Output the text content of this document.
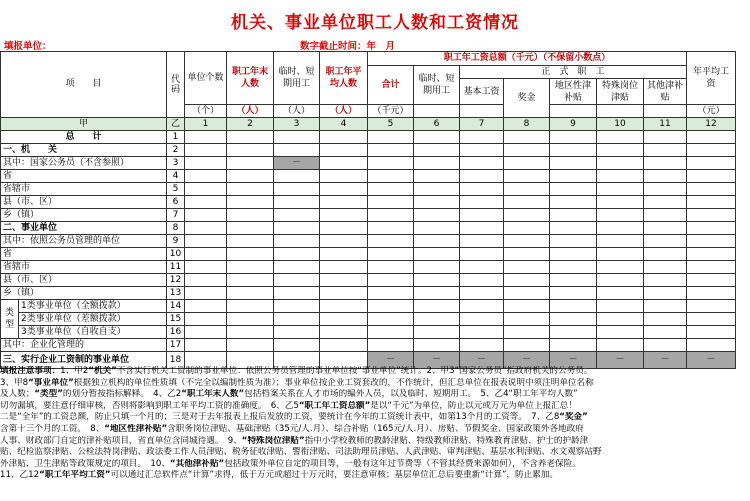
机关、事业单位职工人数和工资情况
填报单位：	数字截止时间：年　月
项　　目		代码	单位个数	职工年末人数	临时、短期用工	职工年平均人数	职工年工资总额（千元）（不保留小数点）							年平均工资
							合计	临时、短期用工	正　式　职　工					
									基本工资	奖金	地区性津补贴	特殊岗位津贴	其他津补贴	
			（个）	（人）	（人）	（人）	（千元）							（元）
甲		乙	1	2	3	4	5	6	7	8	9	10	11	12
总　　计		1												
一、机　　关		2												
其中：国家公务员（不含参照）		3			－									
省		4												
省辖市		5												
县（市、区）		6												
乡（镇）		7												
二、事业单位		8												
其中：依照公务员管理的单位		9												
省		10												
省辖市		11												
县（市、区）		12												
乡（镇）		13												
类型	1类事业单位（全额拨款）	14												
	2类事业单位（差额拨款）	15												
	3类事业单位（自收自支）	16												
其中：企业化管理的		17												
三、实行企业工资制的事业单位		18					－	－	－	－	－	－	－	－

填报注意事项：1、甲2“机关”不含实行机关工资制的事业单位：依照公务员管理的事业单位按“事业单位”统计。2、甲3“国家公务员”指政府机关的公务员。

3、甲8“事业单位”根据独立机构的单位性质填（不完全以编制性质为准）；事业单位按企业工资套改的，不作统计，但汇总单位在报表说明中须注明单位名称

及人数；“类型”的划分暂按指标解释。　4、乙2“职工年末人数”包括档案关系在人才市场的编外人员，以及临时、短期用工。　5、乙4“职工年平均人数”

切勿漏填，要注意仔细审核，否则将影响到职工年平均工资的准确度。　6、乙5“职工年工资总额”是以“千元”为单位，防止以元或万元为单位上报汇总！

二是“全年”的工资总额，防止只填一个月的；三是对于去年报表上报后发放的工资，要统计在今年的工资统计表中，如第13个月的工资等。　7、乙8“奖金”

含第十三个月的工资。　8、“地区性津补贴”含职务岗位津贴、基础津贴（35元/人.月）、综合补贴（165元/人.月）、房贴、节假奖金、国家政策外各地政府

人事、财政部门自定的津补贴项目，省直单位含同城待遇。　9、“特殊岗位津贴”指中小学校教师的教龄津贴、特级教师津贴、特殊教育津贴、护士的护龄津

贴、纪检监察津贴、公检法特岗津贴、政法委工作人员津贴、税务征收津贴、警衔津贴、司法助理员津贴、人武津贴、审判津贴、基层水利津贴、水文观察站野

外津贴、卫生津贴等政策规定的项目。　10、“其他津补贴”包括政策外单位自定的项目等，一般有这年过节费等（不管其经费来源如何），不含养老保险。

11、乙12“职工年平均工资”可以通过汇总软件点“计算”求得，低于万元或超过十万元时，要注意审核；基层单位汇总后要重新“计算”，防止累加。
